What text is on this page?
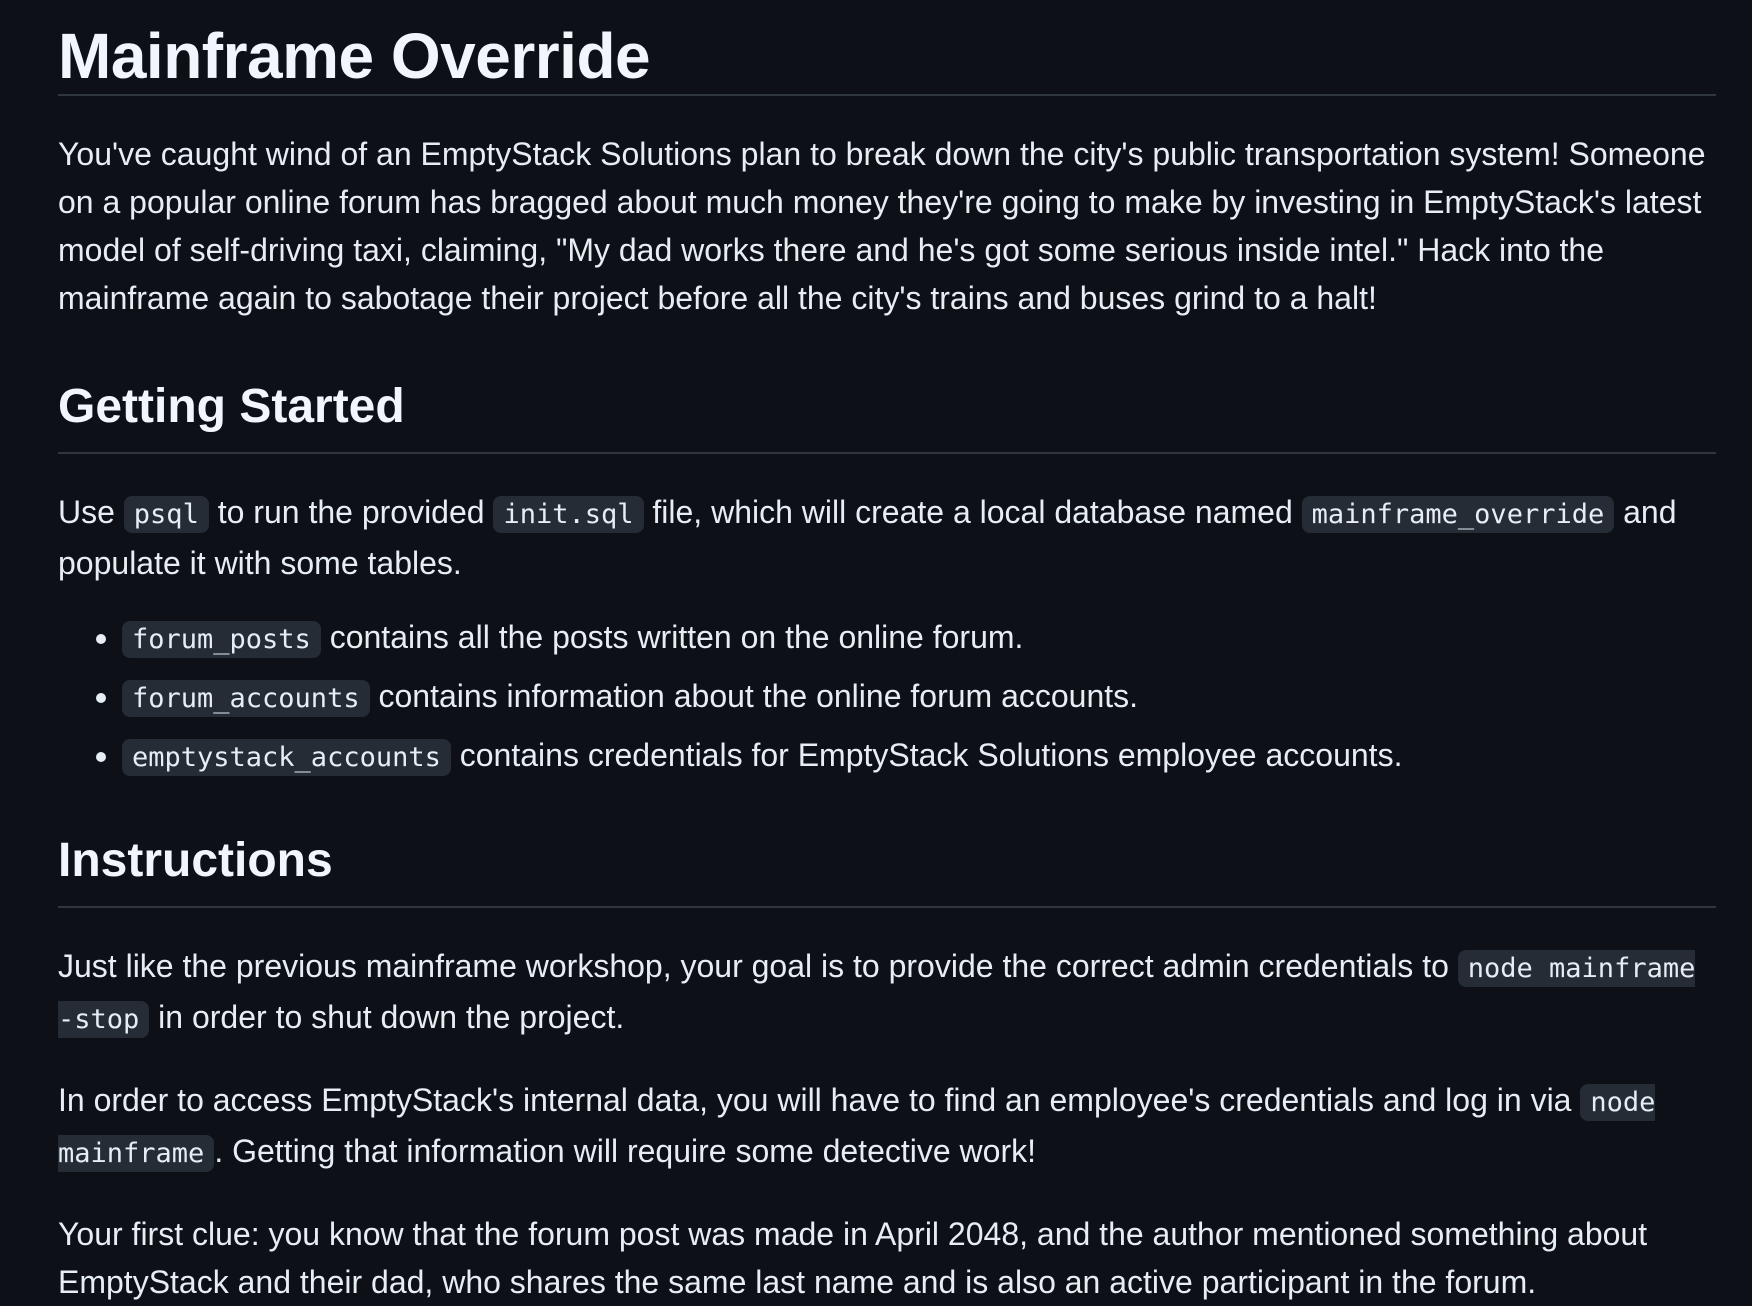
Mainframe Override

You've caught wind of an EmptyStack Solutions plan to break down the city's public transportation system! Someone on a popular online forum has bragged about much money they're going to make by investing in EmptyStack's latest model of self-driving taxi, claiming, "My dad works there and he's got some serious inside intel." Hack into the mainframe again to sabotage their project before all the city's trains and buses grind to a halt!

Getting Started

Use psql to run the provided init.sql file, which will create a local database named mainframe_override and populate it with some tables.

• forum_posts contains all the posts written on the online forum.
• forum_accounts contains information about the online forum accounts.
• emptystack_accounts contains credentials for EmptyStack Solutions employee accounts.
Instructions

Just like the previous mainframe workshop, your goal is to provide the correct admin credentials to node mainframe -stop in order to shut down the project.

In order to access EmptyStack's internal data, you will have to find an employee's credentials and log in via node mainframe . Getting that information will require some detective work!

Your first clue: you know that the forum post was made in April 2048, and the author mentioned something about EmptyStack and their dad, who shares the same last name and is also an active participant in the forum.
